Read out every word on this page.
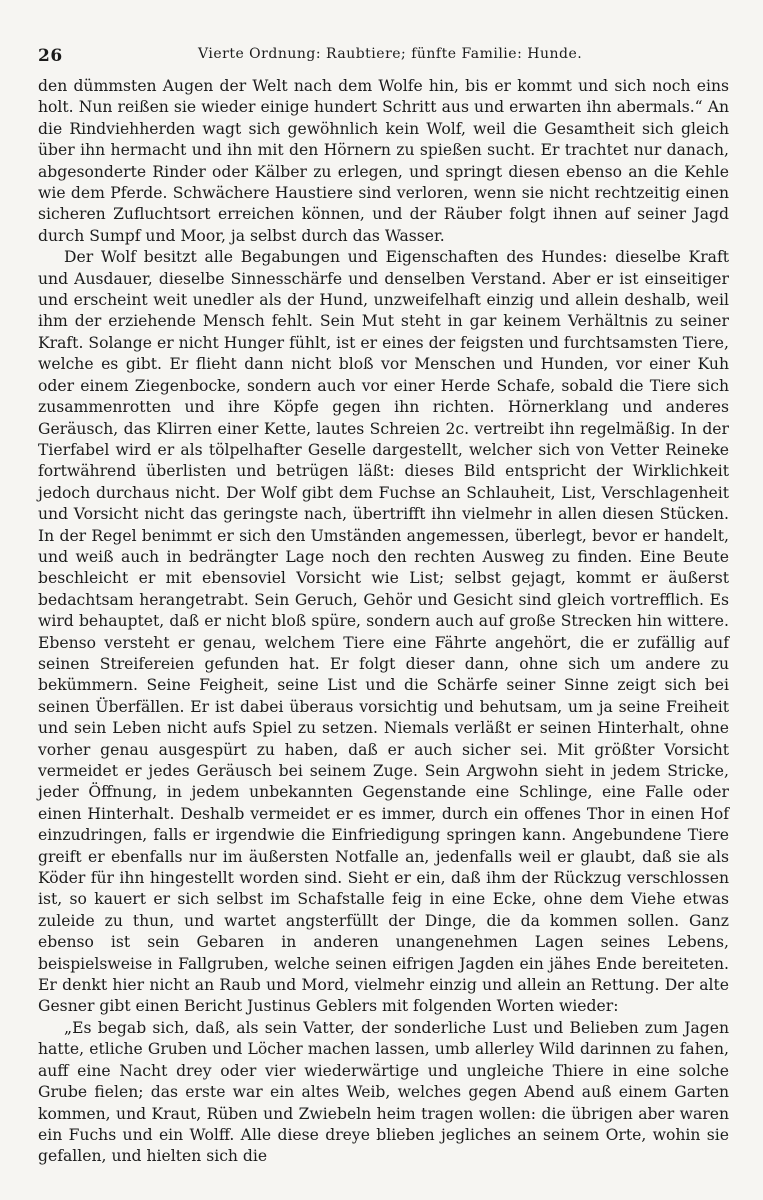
26	Vierte Ordnung: Raubtiere; fünfte Familie: Hunde.

den dümmsten Augen der Welt nach dem Wolfe hin, bis er kommt und sich noch eins holt. Nun reißen sie wieder einige hundert Schritt aus und erwarten ihn abermals.“ An die Rindviehherden wagt sich gewöhnlich kein Wolf, weil die Gesamtheit sich gleich über ihn hermacht und ihn mit den Hörnern zu spießen sucht. Er trachtet nur danach, abgesonderte Rinder oder Kälber zu erlegen, und springt diesen ebenso an die Kehle wie dem Pferde. Schwächere Haustiere sind verloren, wenn sie nicht rechtzeitig einen sicheren Zufluchtsort erreichen können, und der Räuber folgt ihnen auf seiner Jagd durch Sumpf und Moor, ja selbst durch das Wasser.

Der Wolf besitzt alle Begabungen und Eigenschaften des Hundes: dieselbe Kraft und Ausdauer, dieselbe Sinnesschärfe und denselben Verstand. Aber er ist einseitiger und erscheint weit unedler als der Hund, unzweifelhaft einzig und allein deshalb, weil ihm der erziehende Mensch fehlt. Sein Mut steht in gar keinem Verhältnis zu seiner Kraft. Solange er nicht Hunger fühlt, ist er eines der feigsten und furchtsamsten Tiere, welche es gibt. Er flieht dann nicht bloß vor Menschen und Hunden, vor einer Kuh oder einem Ziegenbocke, sondern auch vor einer Herde Schafe, sobald die Tiere sich zusammenrotten und ihre Köpfe gegen ihn richten. Hörnerklang und anderes Geräusch, das Klirren einer Kette, lautes Schreien 2c. vertreibt ihn regelmäßig. In der Tierfabel wird er als tölpelhafter Geselle dargestellt, welcher sich von Vetter Reineke fortwährend überlisten und betrügen läßt: dieses Bild entspricht der Wirklichkeit jedoch durchaus nicht. Der Wolf gibt dem Fuchse an Schlauheit, List, Verschlagenheit und Vorsicht nicht das geringste nach, übertrifft ihn vielmehr in allen diesen Stücken. In der Regel benimmt er sich den Umständen angemessen, überlegt, bevor er handelt, und weiß auch in bedrängter Lage noch den rechten Ausweg zu finden. Eine Beute beschleicht er mit ebensoviel Vorsicht wie List; selbst gejagt, kommt er äußerst bedachtsam herangetrabt. Sein Geruch, Gehör und Gesicht sind gleich vortrefflich. Es wird behauptet, daß er nicht bloß spüre, sondern auch auf große Strecken hin wittere. Ebenso versteht er genau, welchem Tiere eine Fährte angehört, die er zufällig auf seinen Streifereien gefunden hat. Er folgt dieser dann, ohne sich um andere zu bekümmern. Seine Feigheit, seine List und die Schärfe seiner Sinne zeigt sich bei seinen Überfällen. Er ist dabei überaus vorsichtig und behutsam, um ja seine Freiheit und sein Leben nicht aufs Spiel zu setzen. Niemals verläßt er seinen Hinterhalt, ohne vorher genau ausgespürt zu haben, daß er auch sicher sei. Mit größter Vorsicht vermeidet er jedes Geräusch bei seinem Zuge. Sein Argwohn sieht in jedem Stricke, jeder Öffnung, in jedem unbekannten Gegenstande eine Schlinge, eine Falle oder einen Hinterhalt. Deshalb vermeidet er es immer, durch ein offenes Thor in einen Hof einzudringen, falls er irgendwie die Einfriedigung springen kann. Angebundene Tiere greift er ebenfalls nur im äußersten Notfalle an, jedenfalls weil er glaubt, daß sie als Köder für ihn hingestellt worden sind. Sieht er ein, daß ihm der Rückzug verschlossen ist, so kauert er sich selbst im Schafstalle feig in eine Ecke, ohne dem Viehe etwas zuleide zu thun, und wartet angsterfüllt der Dinge, die da kommen sollen. Ganz ebenso ist sein Gebaren in anderen unangenehmen Lagen seines Lebens, beispielsweise in Fallgruben, welche seinen eifrigen Jagden ein jähes Ende bereiteten. Er denkt hier nicht an Raub und Mord, vielmehr einzig und allein an Rettung. Der alte Gesner gibt einen Bericht Justinus Geblers mit folgenden Worten wieder:

„Es begab sich, daß, als sein Vatter, der sonderliche Lust und Belieben zum Jagen hatte, etliche Gruben und Löcher machen lassen, umb allerley Wild darinnen zu fahen, auff eine Nacht drey oder vier wiederwärtige und ungleiche Thiere in eine solche Grube fielen; das erste war ein altes Weib, welches gegen Abend auß einem Garten kommen, und Kraut, Rüben und Zwiebeln heim tragen wollen: die übrigen aber waren ein Fuchs und ein Wolff. Alle diese dreye blieben jegliches an seinem Orte, wohin sie gefallen, und hielten sich die
